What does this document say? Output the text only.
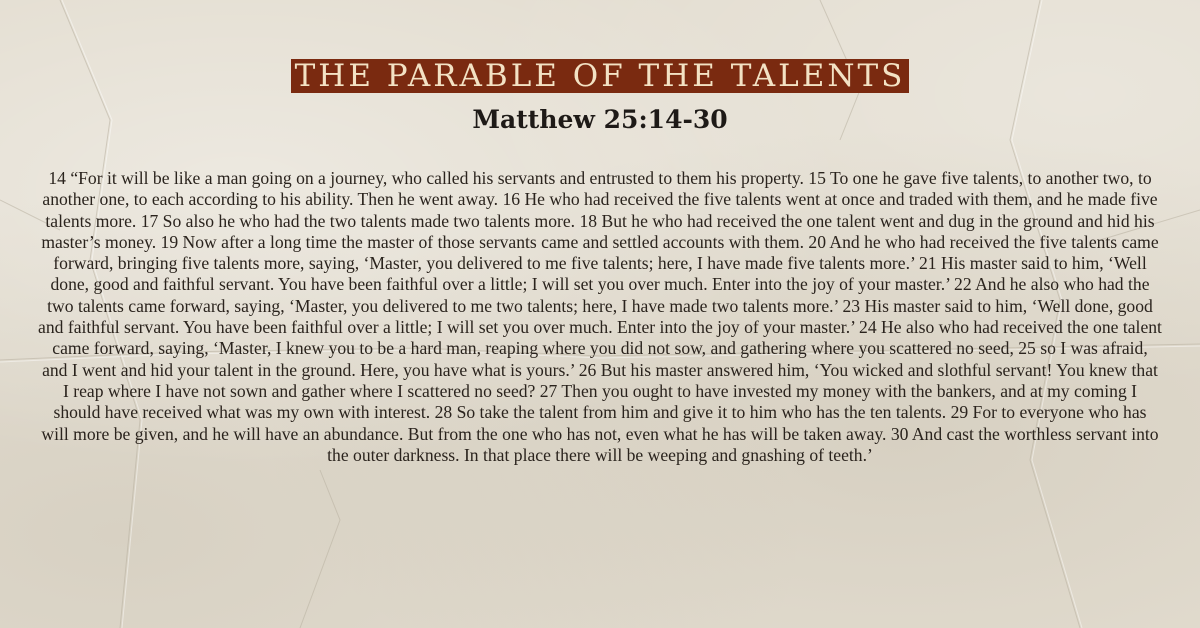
THE PARABLE OF THE TALENTS
Matthew 25:14-30
14 “For it will be like a man going on a journey, who called his servants and entrusted to them his property. 15 To one he gave five talents, to another two, to another one, to each according to his ability. Then he went away. 16 He who had received the five talents went at once and traded with them, and he made five talents more. 17 So also he who had the two talents made two talents more. 18 But he who had received the one talent went and dug in the ground and hid his master’s money. 19 Now after a long time the master of those servants came and settled accounts with them. 20 And he who had received the five talents came forward, bringing five talents more, saying, ‘Master, you delivered to me five talents; here, I have made five talents more.’ 21 His master said to him, ‘Well done, good and faithful servant. You have been faithful over a little; I will set you over much. Enter into the joy of your master.’ 22 And he also who had the two talents came forward, saying, ‘Master, you delivered to me two talents; here, I have made two talents more.’ 23 His master said to him, ‘Well done, good and faithful servant. You have been faithful over a little; I will set you over much. Enter into the joy of your master.’ 24 He also who had received the one talent came forward, saying, ‘Master, I knew you to be a hard man, reaping where you did not sow, and gathering where you scattered no seed, 25 so I was afraid, and I went and hid your talent in the ground. Here, you have what is yours.’ 26 But his master answered him, ‘You wicked and slothful servant! You knew that I reap where I have not sown and gather where I scattered no seed? 27 Then you ought to have invested my money with the bankers, and at my coming I should have received what was my own with interest. 28 So take the talent from him and give it to him who has the ten talents. 29 For to everyone who has will more be given, and he will have an abundance. But from the one who has not, even what he has will be taken away. 30 And cast the worthless servant into the outer darkness. In that place there will be weeping and gnashing of teeth.’
